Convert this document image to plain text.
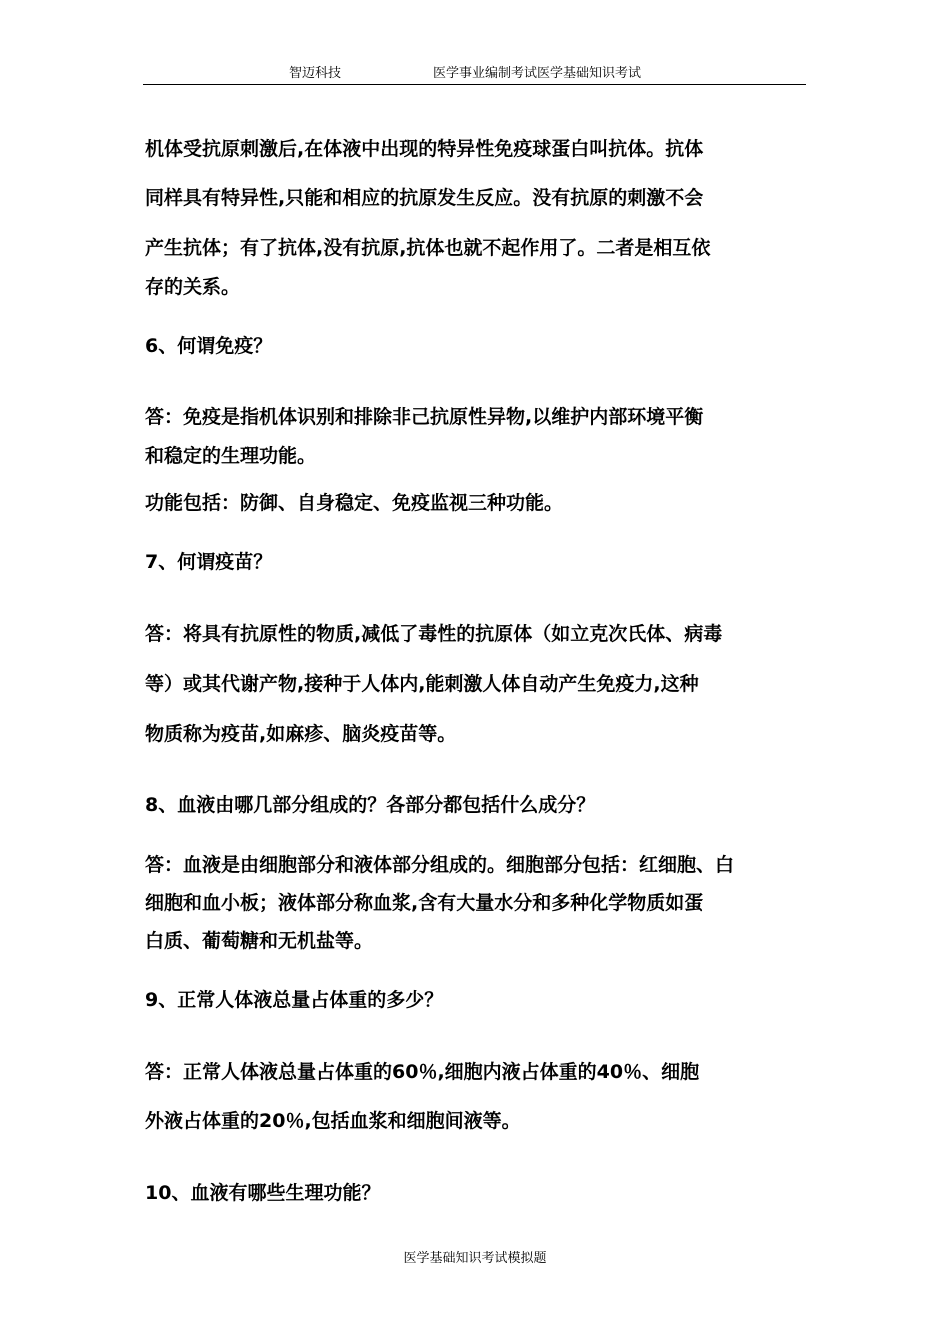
智迈科技	医学事业编制考试医学基础知识考试
机体受抗原刺激后,在体液中出现的特异性免疫球蛋白叫抗体。抗体
同样具有特异性,只能和相应的抗原发生反应。没有抗原的刺激不会
产生抗体；有了抗体,没有抗原,抗体也就不起作用了。二者是相互依
存的关系。
6、何谓免疫？
答：免疫是指机体识别和排除非己抗原性异物,以维护内部环境平衡
和稳定的生理功能。
功能包括：防御、自身稳定、免疫监视三种功能。
7、何谓疫苗？
答：将具有抗原性的物质,减低了毒性的抗原体（如立克次氏体、病毒
等）或其代谢产物,接种于人体内,能刺激人体自动产生免疫力,这种
物质称为疫苗,如麻疹、脑炎疫苗等。
8、血液由哪几部分组成的？各部分都包括什么成分？
答：血液是由细胞部分和液体部分组成的。细胞部分包括：红细胞、白
细胞和血小板；液体部分称血浆,含有大量水分和多种化学物质如蛋
白质、葡萄糖和无机盐等。
9、正常人体液总量占体重的多少？
答：正常人体液总量占体重的60％,细胞内液占体重的40％、细胞
外液占体重的20％,包括血浆和细胞间液等。
10、血液有哪些生理功能？
医学基础知识考试模拟题
